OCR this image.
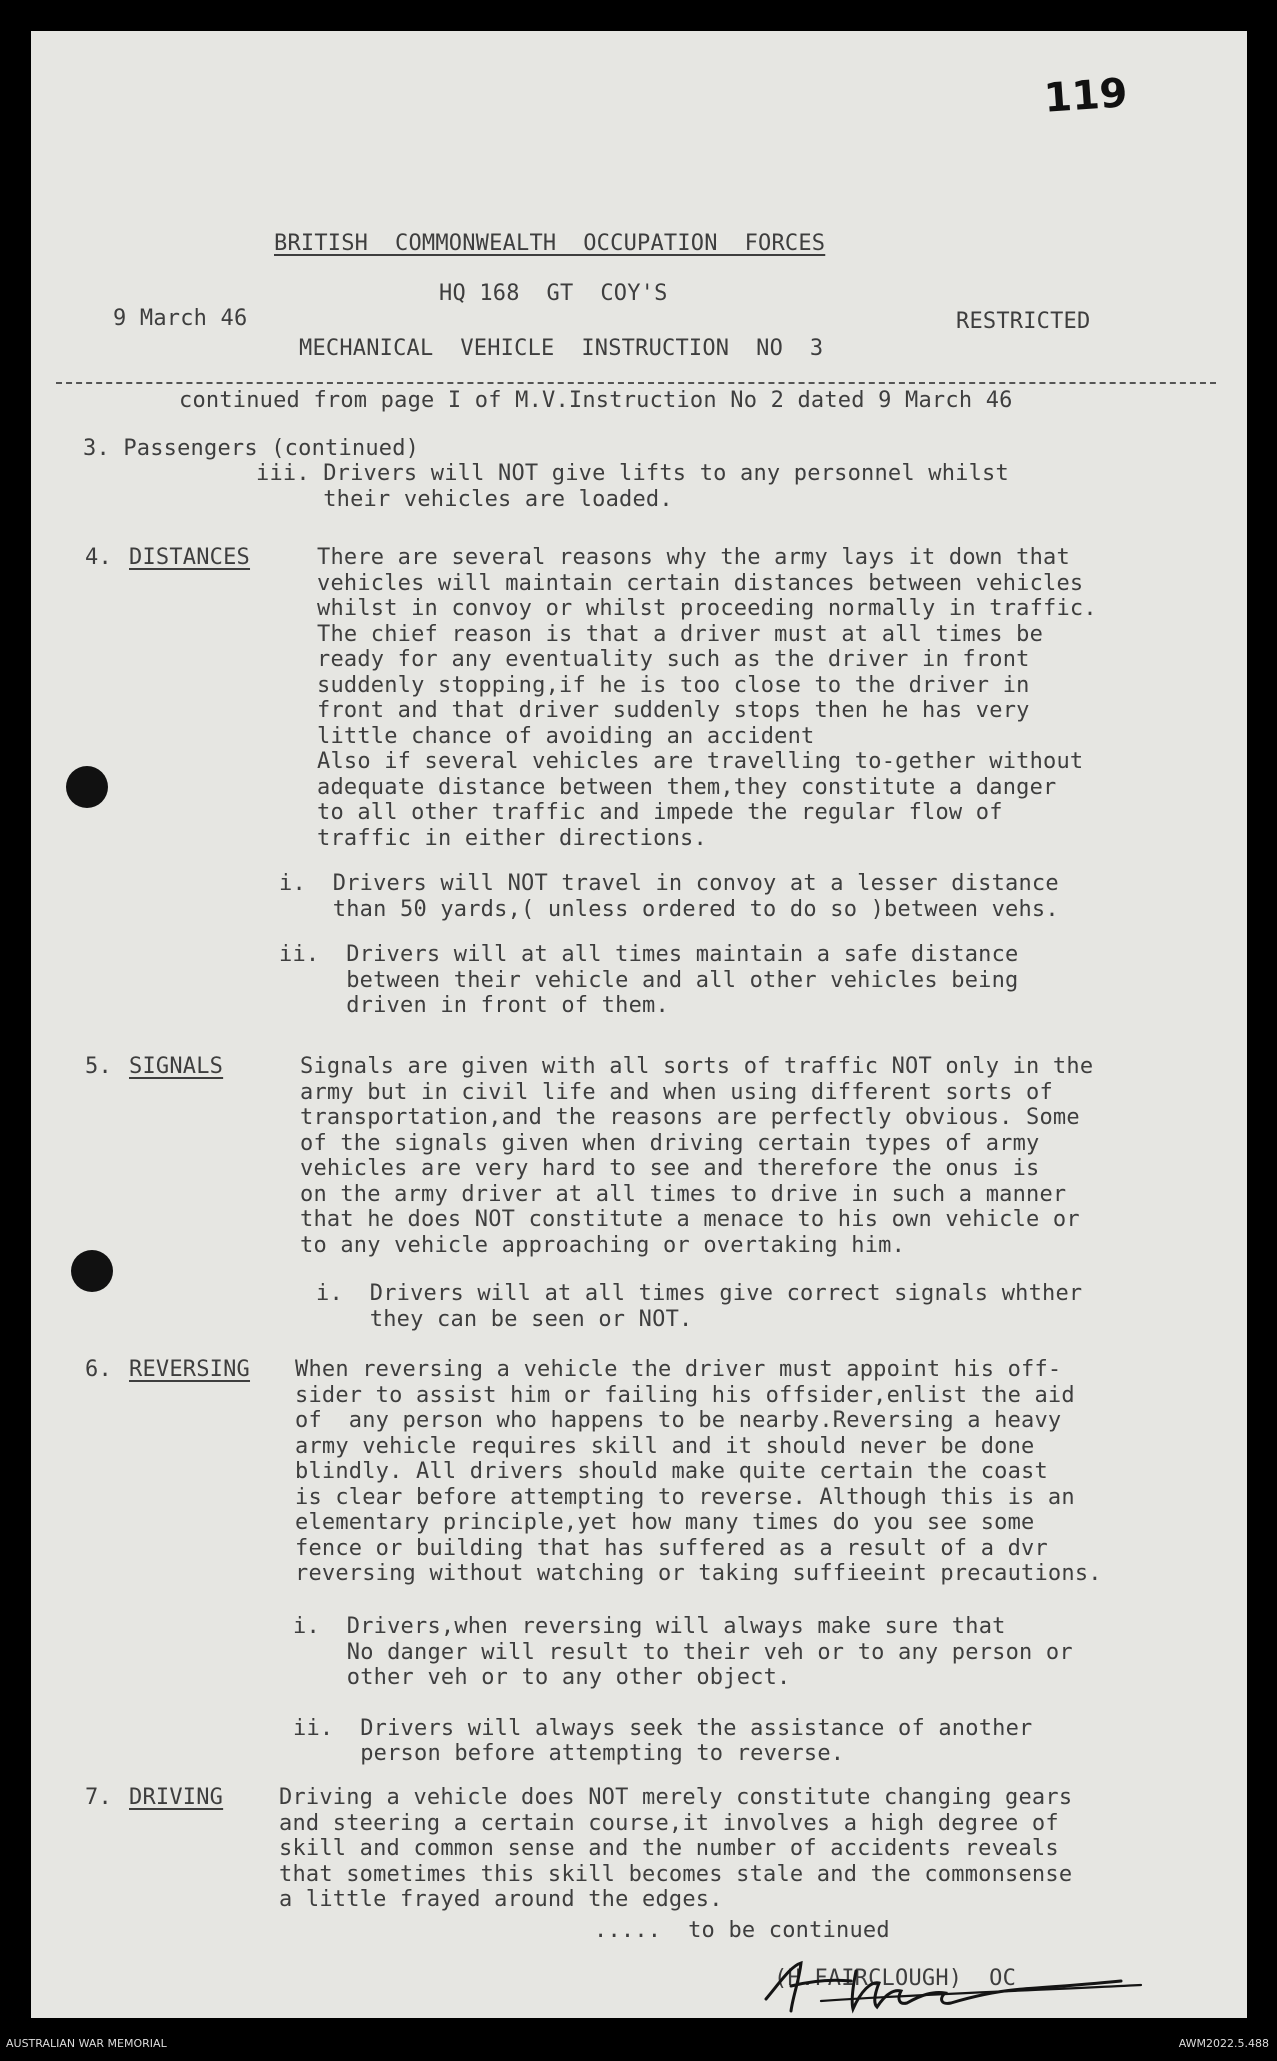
119
BRITISH  COMMONWEALTH  OCCUPATION  FORCES
HQ 168  GT  COY'S
9 March 46	RESTRICTED
MECHANICAL  VEHICLE  INSTRUCTION  NO  3
continued from page I of M.V.Instruction No 2 dated 9 March 46
3. Passengers (continued)
iii. Drivers will NOT give lifts to any personnel whilst
their vehicles are loaded.
4. DISTANCES	There are several reasons why the army lays it down that
vehicles will maintain certain distances between vehicles
whilst in convoy or whilst proceeding normally in traffic.
The chief reason is that a driver must at all times be
ready for any eventuality such as the driver in front
suddenly stopping,if he is too close to the driver in
front and that driver suddenly stops then he has very
little chance of avoiding an accident
Also if several vehicles are travelling to-gether without
adequate distance between them,they constitute a danger
to all other traffic and impede the regular flow of
traffic in either directions.
i.  Drivers will NOT travel in convoy at a lesser distance
than 50 yards,( unless ordered to do so )between vehs.
ii.  Drivers will at all times maintain a safe distance
between their vehicle and all other vehicles being
driven in front of them.
5. SIGNALS	Signals are given with all sorts of traffic NOT only in the
army but in civil life and when using different sorts of
transportation,and the reasons are perfectly obvious. Some
of the signals given when driving certain types of army
vehicles are very hard to see and therefore the onus is
on the army driver at all times to drive in such a manner
that he does NOT constitute a menace to his own vehicle or
to any vehicle approaching or overtaking him.
i.  Drivers will at all times give correct signals whther
they can be seen or NOT.
6. REVERSING When reversing a vehicle the driver must appoint his off-
sider to assist him or failing his offsider,enlist the aid
of  any person who happens to be nearby.Reversing a heavy
army vehicle requires skill and it should never be done
blindly. All drivers should make quite certain the coast
is clear before attempting to reverse. Although this is an
elementary principle,yet how many times do you see some
fence or building that has suffered as a result of a dvr
reversing without watching or taking suffieeint precautions.
i.  Drivers,when reversing will always make sure that
No danger will result to their veh or to any person or
other veh or to any other object.
ii.  Drivers will always seek the assistance of another
person before attempting to reverse.
7. DRIVING	Driving a vehicle does NOT merely constitute changing gears
and steering a certain course,it involves a high degree of
skill and common sense and the number of accidents reveals
that sometimes this skill becomes stale and the commonsense
a little frayed around the edges.
.....  to be continued
(H.FAIRCLOUGH)  OC
AUSTRALIAN WAR MEMORIAL	AWM2022.5.488
